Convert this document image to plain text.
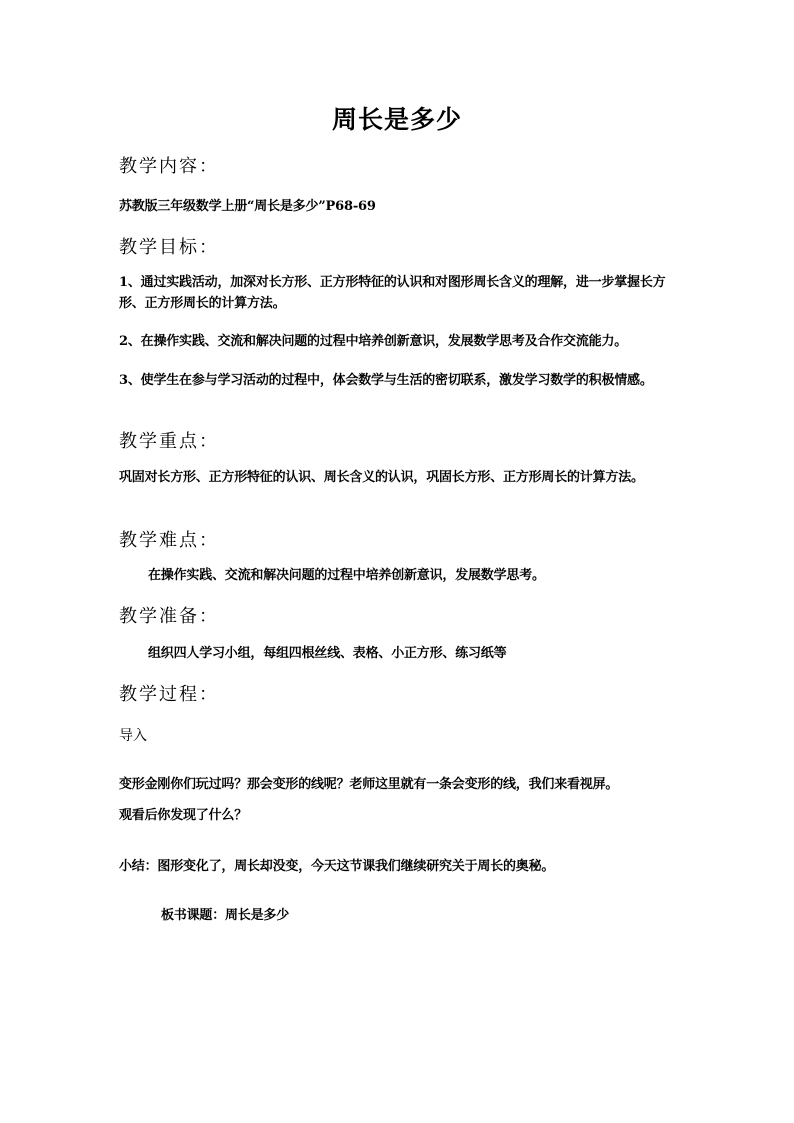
周长是多少
教学内容：
苏教版三年级数学上册“周长是多少”P68-69
教学目标：
1、通过实践活动，加深对长方形、正方形特征的认识和对图形周长含义的理解，进一步掌握长方形、正方形周长的计算方法。
2、在操作实践、交流和解决问题的过程中培养创新意识，发展数学思考及合作交流能力。
3、使学生在参与学习活动的过程中，体会数学与生活的密切联系，激发学习数学的积极情感。
教学重点：
巩固对长方形、正方形特征的认识、周长含义的认识，巩固长方形、正方形周长的计算方法。
教学难点：
在操作实践、交流和解决问题的过程中培养创新意识，发展数学思考。
教学准备：
组织四人学习小组，每组四根丝线、表格、小正方形、练习纸等
教学过程：
导入
变形金刚你们玩过吗？那会变形的线呢？老师这里就有一条会变形的线，我们来看视屏。
观看后你发现了什么？
小结：图形变化了，周长却没变，今天这节课我们继续研究关于周长的奥秘。
板书课题：周长是多少
